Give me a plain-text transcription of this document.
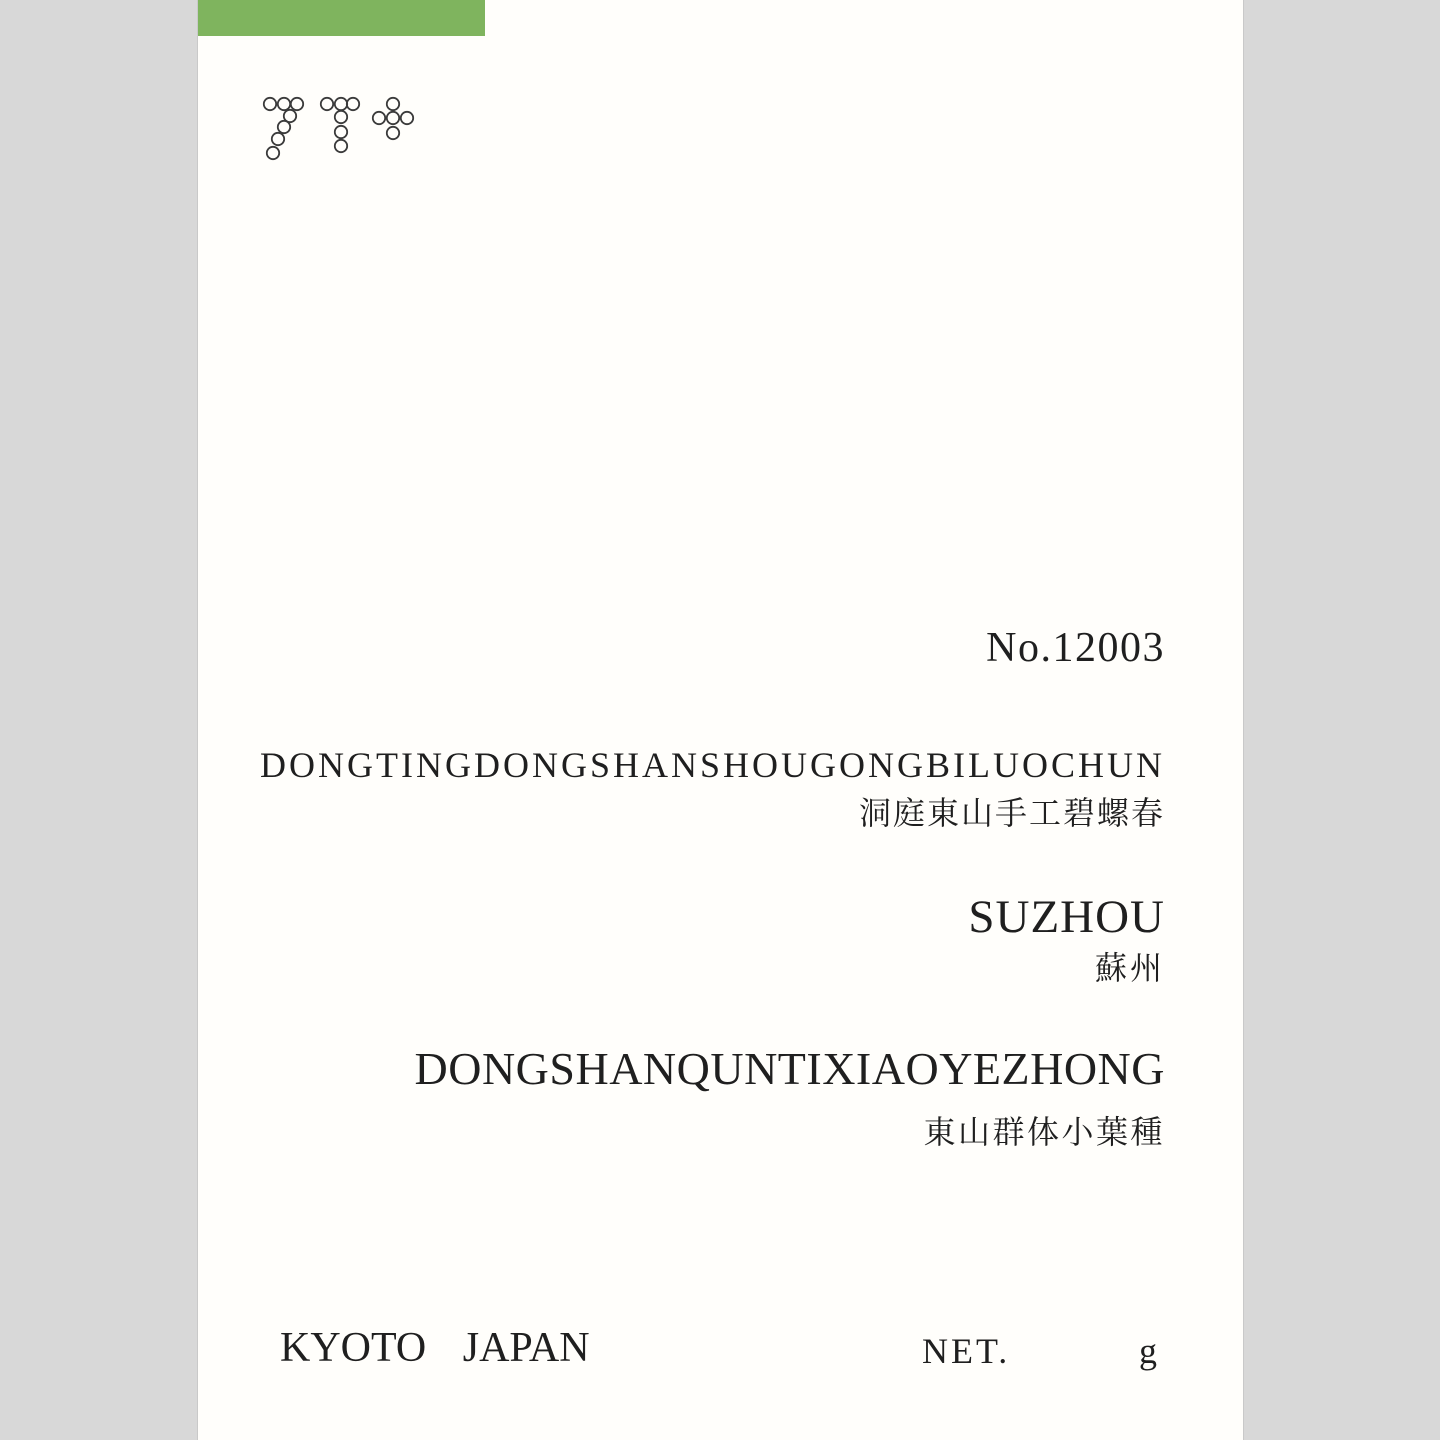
No.12003
DONGTINGDONGSHANSHOUGONGBILUOCHUN
洞庭東山手工碧螺春
SUZHOU
蘇州
DONGSHANQUNTIXIAOYEZHONG
東山群体小葉種
KYOTO JAPAN	NET.	g
